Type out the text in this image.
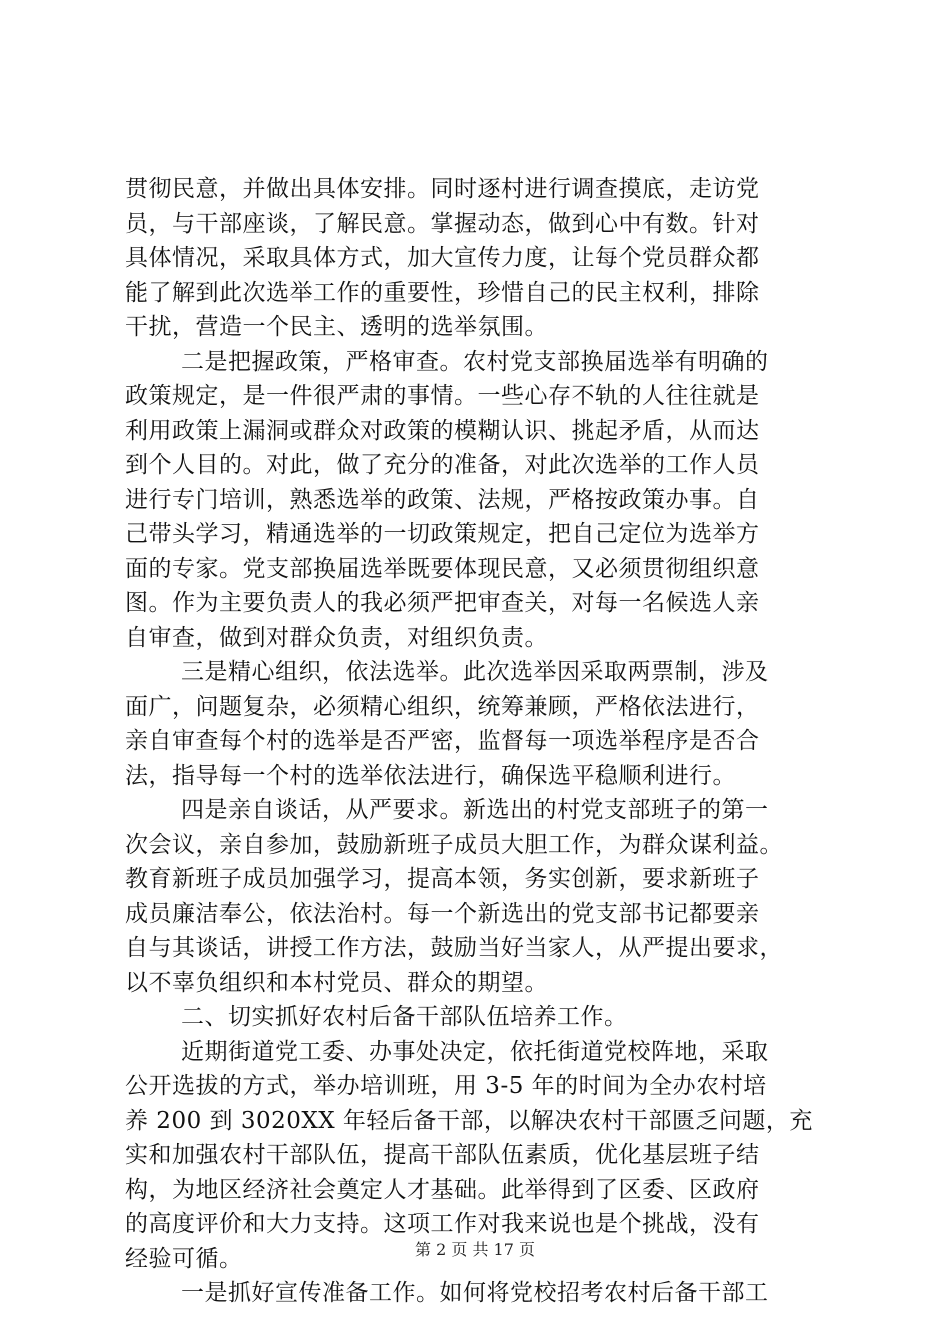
贯彻民意，并做出具体安排。同时逐村进行调查摸底，走访党
员，与干部座谈，了解民意。掌握动态，做到心中有数。针对
具体情况，采取具体方式，加大宣传力度，让每个党员群众都
能了解到此次选举工作的重要性，珍惜自己的民主权利，排除
干扰，营造一个民主、透明的选举氛围。
二是把握政策，严格审查。农村党支部换届选举有明确的
政策规定，是一件很严肃的事情。一些心存不轨的人往往就是
利用政策上漏洞或群众对政策的模糊认识、挑起矛盾，从而达
到个人目的。对此，做了充分的准备，对此次选举的工作人员
进行专门培训，熟悉选举的政策、法规，严格按政策办事。自
己带头学习，精通选举的一切政策规定，把自己定位为选举方
面的专家。党支部换届选举既要体现民意，又必须贯彻组织意
图。作为主要负责人的我必须严把审查关，对每一名候选人亲
自审查，做到对群众负责，对组织负责。
三是精心组织，依法选举。此次选举因采取两票制，涉及
面广，问题复杂，必须精心组织，统筹兼顾，严格依法进行，
亲自审查每个村的选举是否严密，监督每一项选举程序是否合
法，指导每一个村的选举依法进行，确保选平稳顺利进行。
四是亲自谈话，从严要求。新选出的村党支部班子的第一
次会议，亲自参加，鼓励新班子成员大胆工作，为群众谋利益。
教育新班子成员加强学习，提高本领，务实创新，要求新班子
成员廉洁奉公，依法治村。每一个新选出的党支部书记都要亲
自与其谈话，讲授工作方法，鼓励当好当家人，从严提出要求，
以不辜负组织和本村党员、群众的期望。
二、切实抓好农村后备干部队伍培养工作。
近期街道党工委、办事处决定，依托街道党校阵地，采取
公开选拔的方式，举办培训班，用 3-5 年的时间为全办农村培
养 200 到 3020XX 年轻后备干部，以解决农村干部匮乏问题，充
实和加强农村干部队伍，提高干部队伍素质，优化基层班子结
构，为地区经济社会奠定人才基础。此举得到了区委、区政府
的高度评价和大力支持。这项工作对我来说也是个挑战，没有
经验可循。
一是抓好宣传准备工作。如何将党校招考农村后备干部工
第 2 页 共 17 页
